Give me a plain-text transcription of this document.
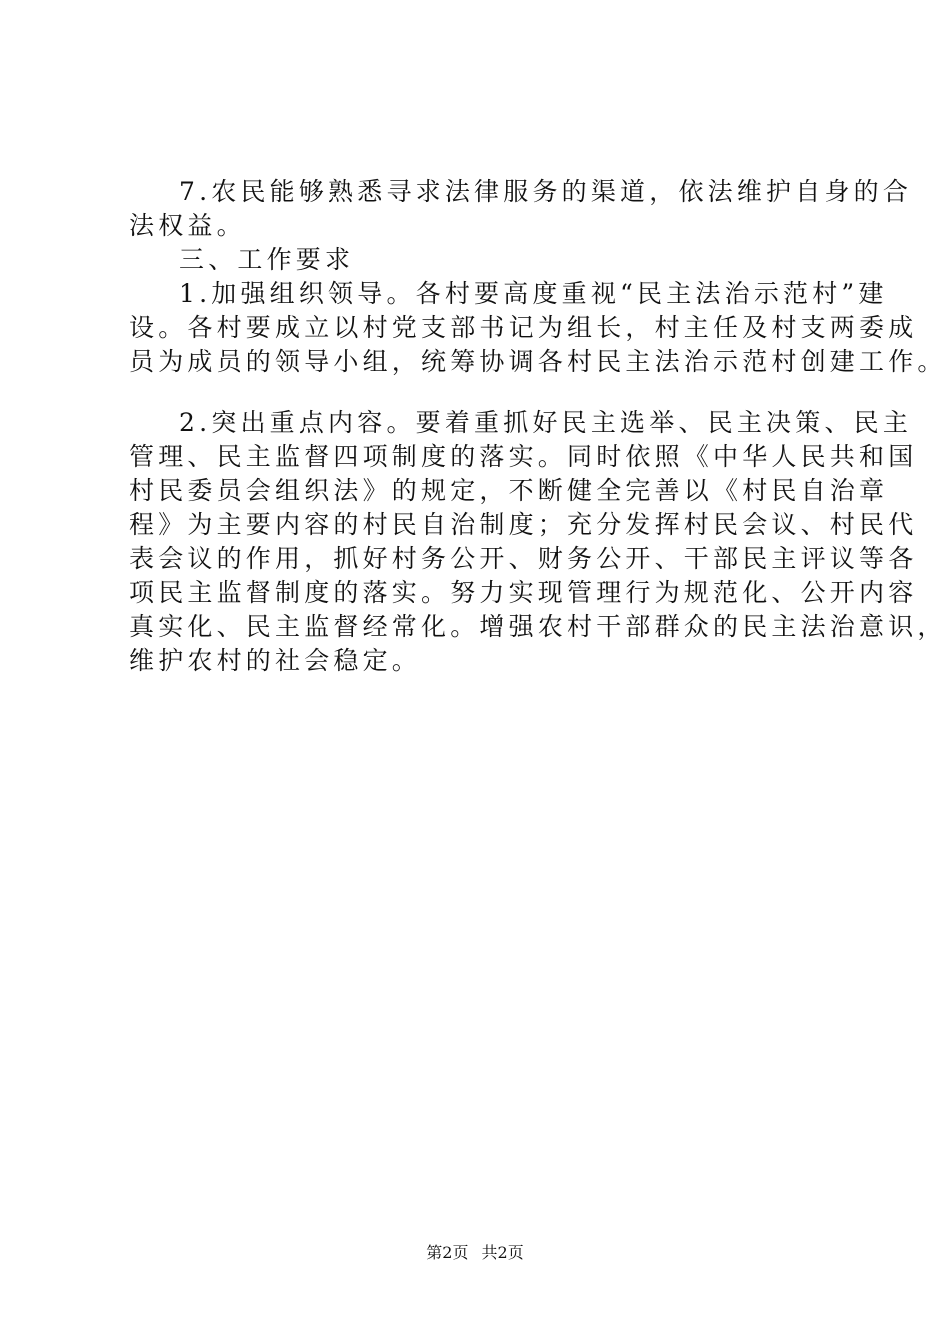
7.农民能够熟悉寻求法律服务的渠道，依法维护自身的合
法权益。
三、工作要求
1.加强组织领导。各村要高度重视“民主法治示范村”建
设。各村要成立以村党支部书记为组长，村主任及村支两委成
员为成员的领导小组，统筹协调各村民主法治示范村创建工作。
2.突出重点内容。要着重抓好民主选举、民主决策、民主
管理、民主监督四项制度的落实。同时依照《中华人民共和国
村民委员会组织法》的规定，不断健全完善以《村民自治章
程》为主要内容的村民自治制度；充分发挥村民会议、村民代
表会议的作用，抓好村务公开、财务公开、干部民主评议等各
项民主监督制度的落实。努力实现管理行为规范化、公开内容
真实化、民主监督经常化。增强农村干部群众的民主法治意识，
维护农村的社会稳定。
第2页 共2页
